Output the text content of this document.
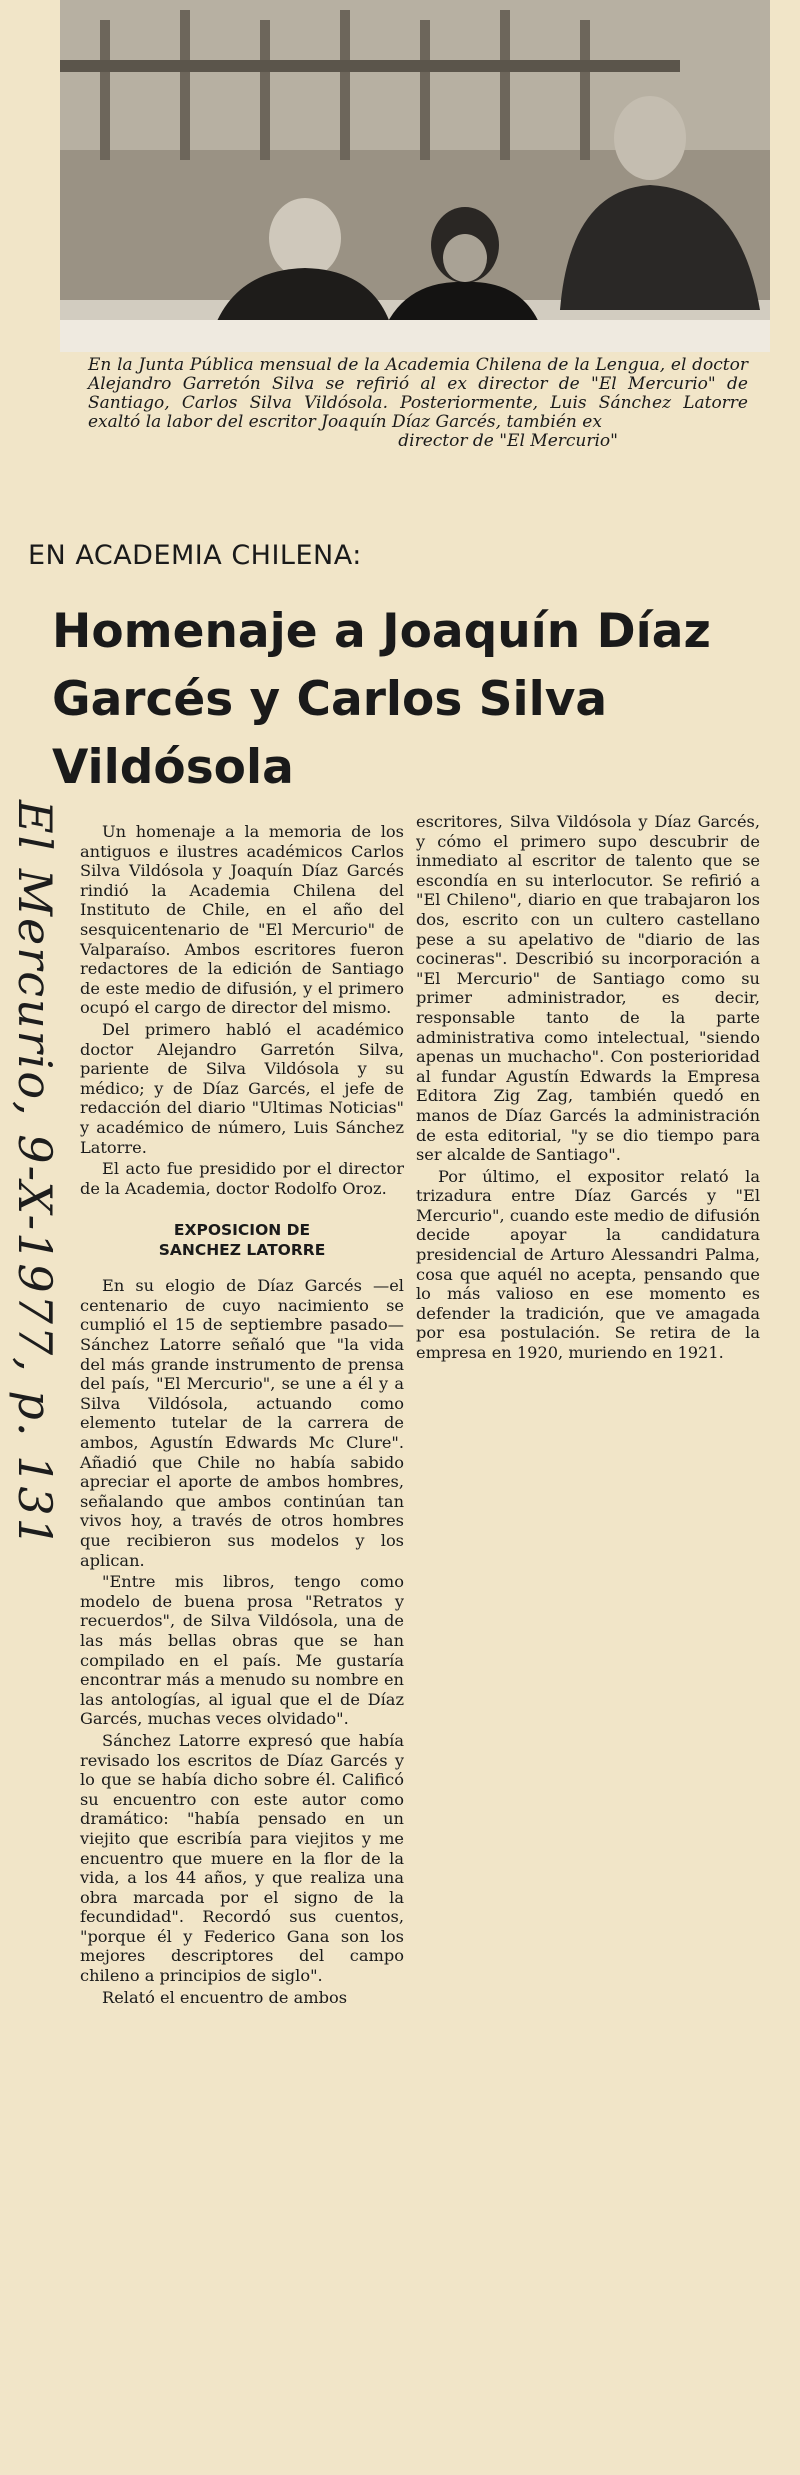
En la Junta Pública mensual de la Academia Chilena de la Lengua, el doctor Alejandro Garretón Silva se refirió al ex director de "El Mercurio" de Santiago, Carlos Silva Vildósola. Posteriormente, Luis Sánchez Latorre exaltó la labor del escritor Joaquín Díaz Garcés, también ex
director de "El Mercurio"
EN ACADEMIA CHILENA:
Homenaje a Joaquín Díaz Garcés y Carlos Silva Vildósola
El Mercurio, 9-X-1977, p. 131	Un homenaje a la memoria de los antiguos e ilustres académicos Carlos Silva Vildósola y Joaquín Díaz Garcés rindió la Academia Chilena del Instituto de Chile, en el año del sesquicentenario de "El Mercurio" de Valparaíso. Ambos escritores fueron redactores de la edición de Santiago de este medio de difusión, y el primero ocupó el cargo de director del mismo.

Del primero habló el académico doctor Alejandro Garretón Silva, pariente de Silva Vildósola y su médico; y de Díaz Garcés, el jefe de redacción del diario "Ultimas Noticias" y académico de número, Luis Sánchez Latorre.

El acto fue presidido por el director de la Academia, doctor Rodolfo Oroz.

EXPOSICION DE
SANCHEZ LATORRE

En su elogio de Díaz Garcés —el centenario de cuyo nacimiento se cumplió el 15 de septiembre pasado— Sánchez Latorre señaló que "la vida del más grande instrumento de prensa del país, "El Mercurio", se une a él y a Silva Vildósola, actuando como elemento tutelar de la carrera de ambos, Agustín Edwards Mc Clure". Añadió que Chile no había sabido apreciar el aporte de ambos hombres, señalando que ambos continúan tan vivos hoy, a través de otros hombres que recibieron sus modelos y los aplican.

"Entre mis libros, tengo como modelo de buena prosa "Retratos y recuerdos", de Silva Vildósola, una de las más bellas obras que se han compilado en el país. Me gustaría encontrar más a menudo su nombre en las antologías, al igual que el de Díaz Garcés, muchas veces olvidado".

Sánchez Latorre expresó que había revisado los escritos de Díaz Garcés y lo que se había dicho sobre él. Calificó su encuentro con este autor como dramático: "había pensado en un viejito que escribía para viejitos y me encuentro que muere en la flor de la vida, a los 44 años, y que realiza una obra marcada por el signo de la fecundidad". Recordó sus cuentos, "porque él y Federico Gana son los mejores descriptores del campo chileno a principios de siglo".

Relató el encuentro de ambos

escritores, Silva Vildósola y Díaz Garcés, y cómo el primero supo descubrir de inmediato al escritor de talento que se escondía en su interlocutor. Se refirió a "El Chileno", diario en que trabajaron los dos, escrito con un cultero castellano pese a su apelativo de "diario de las cocineras". Describió su incorporación a "El Mercurio" de Santiago como su primer administrador, es decir, responsable tanto de la parte administrativa como intelectual, "siendo apenas un muchacho". Con posterioridad al fundar Agustín Edwards la Empresa Editora Zig Zag, también quedó en manos de Díaz Garcés la administración de esta editorial, "y se dio tiempo para ser alcalde de Santiago".

Por último, el expositor relató la trizadura entre Díaz Garcés y "El Mercurio", cuando este medio de difusión decide apoyar la candidatura presidencial de Arturo Alessandri Palma, cosa que aquél no acepta, pensando que lo más valioso en ese momento es defender la tradición, que ve amagada por esa postulación. Se retira de la empresa en 1920, muriendo en 1921.
